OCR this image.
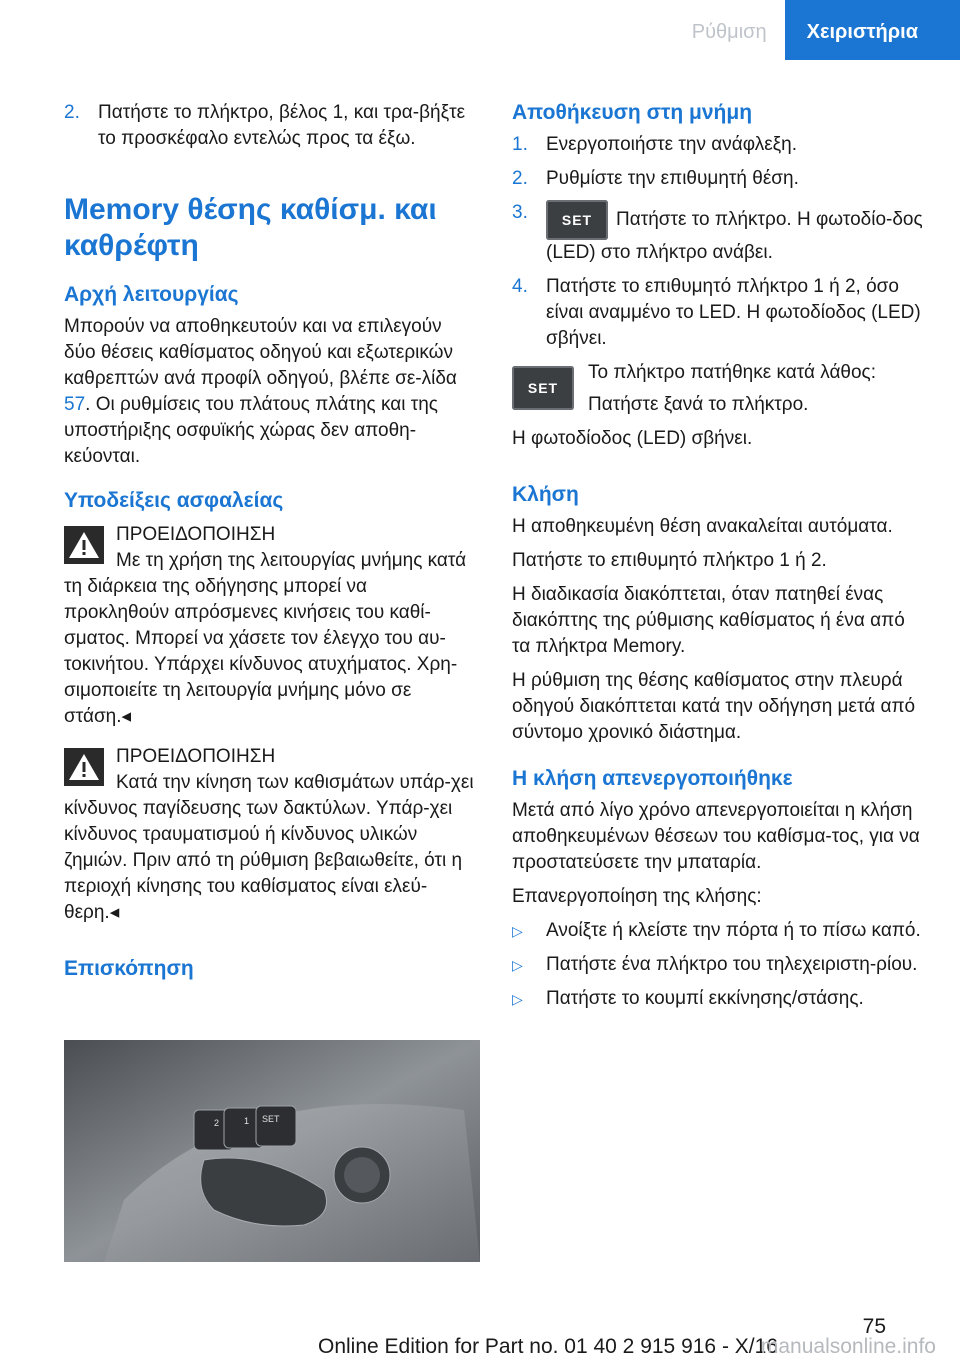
Ρύθμιση	Χειριστήρια
2. Πατήστε το πλήκτρο, βέλος 1, και τρα-βήξτε το προσκέφαλο εντελώς προς τα έξω.
Memory θέσης καθίσμ. και καθρέφτη
Αρχή λειτουργίας

Μπορούν να αποθηκευτούν και να επιλεγούν δύο θέσεις καθίσματος οδηγού και εξωτερικών καθρεπτών ανά προφίλ οδηγού, βλέπε σε-λίδα 57. Οι ρυθμίσεις του πλάτους πλάτης και της υποστήριξης οσφυϊκής χώρας δεν αποθη-κεύονται.

Υποδείξεις ασφαλείας
ΠΡΟΕΙΔΟΠΟΙΗΣΗ
Με τη χρήση της λειτουργίας μνήμης κατά τη διάρκεια της οδήγησης μπορεί να προκληθούν απρόσμενες κινήσεις του καθί-σματος. Μπορεί να χάσετε τον έλεγχο του αυ-τοκινήτου. Υπάρχει κίνδυνος ατυχήματος. Χρη-σιμοποιείτε τη λειτουργία μνήμης μόνο σε στάση.◂
ΠΡΟΕΙΔΟΠΟΙΗΣΗ
Κατά την κίνηση των καθισμάτων υπάρ-χει κίνδυνος παγίδευσης των δακτύλων. Υπάρ-χει κίνδυνος τραυματισμού ή κίνδυνος υλικών ζημιών. Πριν από τη ρύθμιση βεβαιωθείτε, ότι η περιοχή κίνησης του καθίσματος είναι ελεύ-θερη.◂
Επισκόπηση
2	1 SET
Αποθήκευση στη μνήμη
1. Ενεργοποιήστε την ανάφλεξη.
2. Ρυθμίστε την επιθυμητή θέση.
3.	SET Πατήστε το πλήκτρο. Η φωτοδίο-δος (LED) στο πλήκτρο ανάβει.
4. Πατήστε το επιθυμητό πλήκτρο 1 ή 2, όσο είναι αναμμένο το LED. Η φωτοδίοδος (LED) σβήνει.
SET
Το πλήκτρο πατήθηκε κατά λάθος:
Πατήστε ξανά το πλήκτρο.

Η φωτοδίοδος (LED) σβήνει.

Κλήση

Η αποθηκευμένη θέση ανακαλείται αυτόματα.

Πατήστε το επιθυμητό πλήκτρο 1 ή 2.

Η διαδικασία διακόπτεται, όταν πατηθεί ένας διακόπτης της ρύθμισης καθίσματος ή ένα από τα πλήκτρα Memory.

Η ρύθμιση της θέσης καθίσματος στην πλευρά οδηγού διακόπτεται κατά την οδήγηση μετά από σύντομο χρονικό διάστημα.

Η κλήση απενεργοποιήθηκε

Μετά από λίγο χρόνο απενεργοποιείται η κλήση αποθηκευμένων θέσεων του καθίσμα-τος, για να προστατεύσετε την μπαταρία.

Επανεργοποίηση της κλήσης:

▷	Ανοίξτε ή κλείστε την πόρτα ή το πίσω καπό.
▷	Πατήστε ένα πλήκτρο του τηλεχειριστη-ρίου.
▷	Πατήστε το κουμπί εκκίνησης/στάσης.
75
Online Edition for Part no. 01 40 2 915 916 - X/16
manualsonline.info
